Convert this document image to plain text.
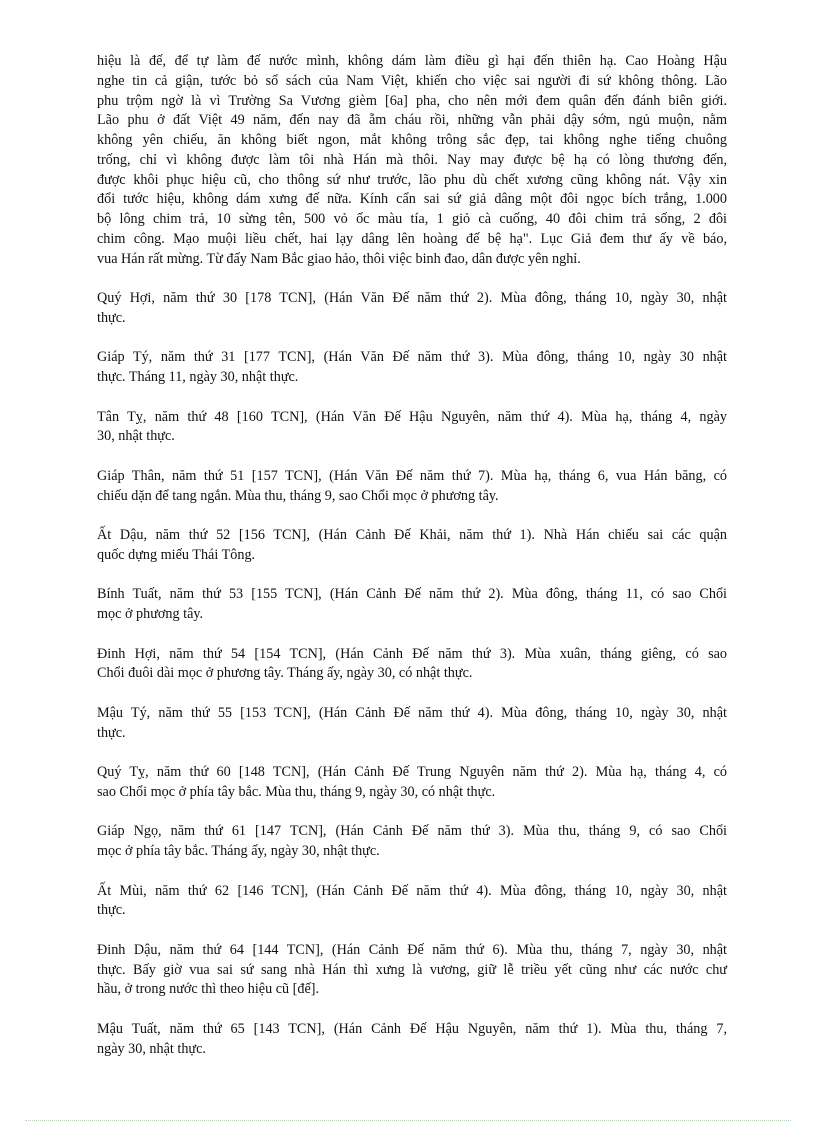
hiệu là đế, để tự làm đế nước mình, không dám làm điều gì hại đến thiên hạ. Cao Hoàng Hậu
nghe tin cả giận, tước bỏ sổ sách của Nam Việt, khiến cho việc sai người đi sứ không thông. Lão
phu trộm ngờ là vì Trường Sa Vương gièm [6a] pha, cho nên mới đem quân đến đánh biên giới.
Lão phu ở đất Việt 49 năm, đến nay đã ẵm cháu rồi, những vẫn phải dậy sớm, ngủ muộn, nằm
không yên chiếu, ăn không biết ngon, mắt không trông sắc đẹp, tai không nghe tiếng chuông
trống, chỉ vì không được làm tôi nhà Hán mà thôi. Nay may được bệ hạ có lòng thương đến,
được khôi phục hiệu cũ, cho thông sứ như trước, lão phu dù chết xương cũng không nát. Vậy xin
đổi tước hiệu, không dám xưng đế nữa. Kính cẩn sai sứ giả dâng một đôi ngọc bích trắng, 1.000
bộ lông chim trả, 10 sừng tên, 500 vỏ ốc màu tía, 1 giỏ cà cuống, 40 đôi chim trả sống, 2 đôi
chim công. Mạo muội liều chết, hai lạy dâng lên hoàng đế bệ hạ". Lục Giả đem thư ấy về báo,
vua Hán rất mừng. Từ đấy Nam Bắc giao hảo, thôi việc binh đao, dân được yên nghỉ.
Quý Hợi, năm thứ 30 [178 TCN], (Hán Văn Đế năm thứ 2). Mùa đông, tháng 10, ngày 30, nhật
thực.
Giáp Tý, năm thứ 31 [177 TCN], (Hán Văn Đế năm thứ 3). Mùa đông, tháng 10, ngày 30 nhật
thực. Tháng 11, ngày 30, nhật thực.
Tân Tỵ, năm thứ 48 [160 TCN], (Hán Văn Đế Hậu Nguyên, năm thứ 4). Mùa hạ, tháng 4, ngày
30, nhật thực.
Giáp Thân, năm thứ 51 [157 TCN], (Hán Văn Đế năm thứ 7). Mùa hạ, tháng 6, vua Hán băng, có
chiếu dặn để tang ngắn. Mùa thu, tháng 9, sao Chổi mọc ở phương tây.
Ất Dậu, năm thứ 52 [156 TCN], (Hán Cảnh Đế Khải, năm thứ 1). Nhà Hán chiếu sai các quận
quốc dựng miếu Thái Tông.
Bính Tuất, năm thứ 53 [155 TCN], (Hán Cảnh Đế năm thứ 2). Mùa đông, tháng 11, có sao Chổi
mọc ở phương tây.
Đinh Hợi, năm thứ 54 [154 TCN], (Hán Cảnh Đế năm thứ 3). Mùa xuân, tháng giêng, có sao
Chổi đuôi dài mọc ở phương tây. Tháng ấy, ngày 30, có nhật thực.
Mậu Tý, năm thứ 55 [153 TCN], (Hán Cảnh Đế năm thứ 4). Mùa đông, tháng 10, ngày 30, nhật
thực.
Quý Tỵ, năm thứ 60 [148 TCN], (Hán Cảnh Đế Trung Nguyên năm thứ 2). Mùa hạ, tháng 4, có
sao Chổi mọc ở phía tây bắc. Mùa thu, tháng 9, ngày 30, có nhật thực.
Giáp Ngọ, năm thứ 61 [147 TCN], (Hán Cảnh Đế năm thứ 3). Mùa thu, tháng 9, có sao Chổi
mọc ở phía tây bắc. Tháng ấy, ngày 30, nhật thực.
Ất Mùi, năm thứ 62 [146 TCN], (Hán Cảnh Đế năm thứ 4). Mùa đông, tháng 10, ngày 30, nhật
thực.
Đinh Dậu, năm thứ 64 [144 TCN], (Hán Cảnh Đế năm thứ 6). Mùa thu, tháng 7, ngày 30, nhật
thực. Bấy giờ vua sai sứ sang nhà Hán thì xưng là vương, giữ lễ triều yết cũng như các nước chư
hầu, ở trong nước thì theo hiệu cũ [đế].
Mậu Tuất, năm thứ 65 [143 TCN], (Hán Cảnh Đế Hậu Nguyên, năm thứ 1). Mùa thu, tháng 7,
ngày 30, nhật thực.
